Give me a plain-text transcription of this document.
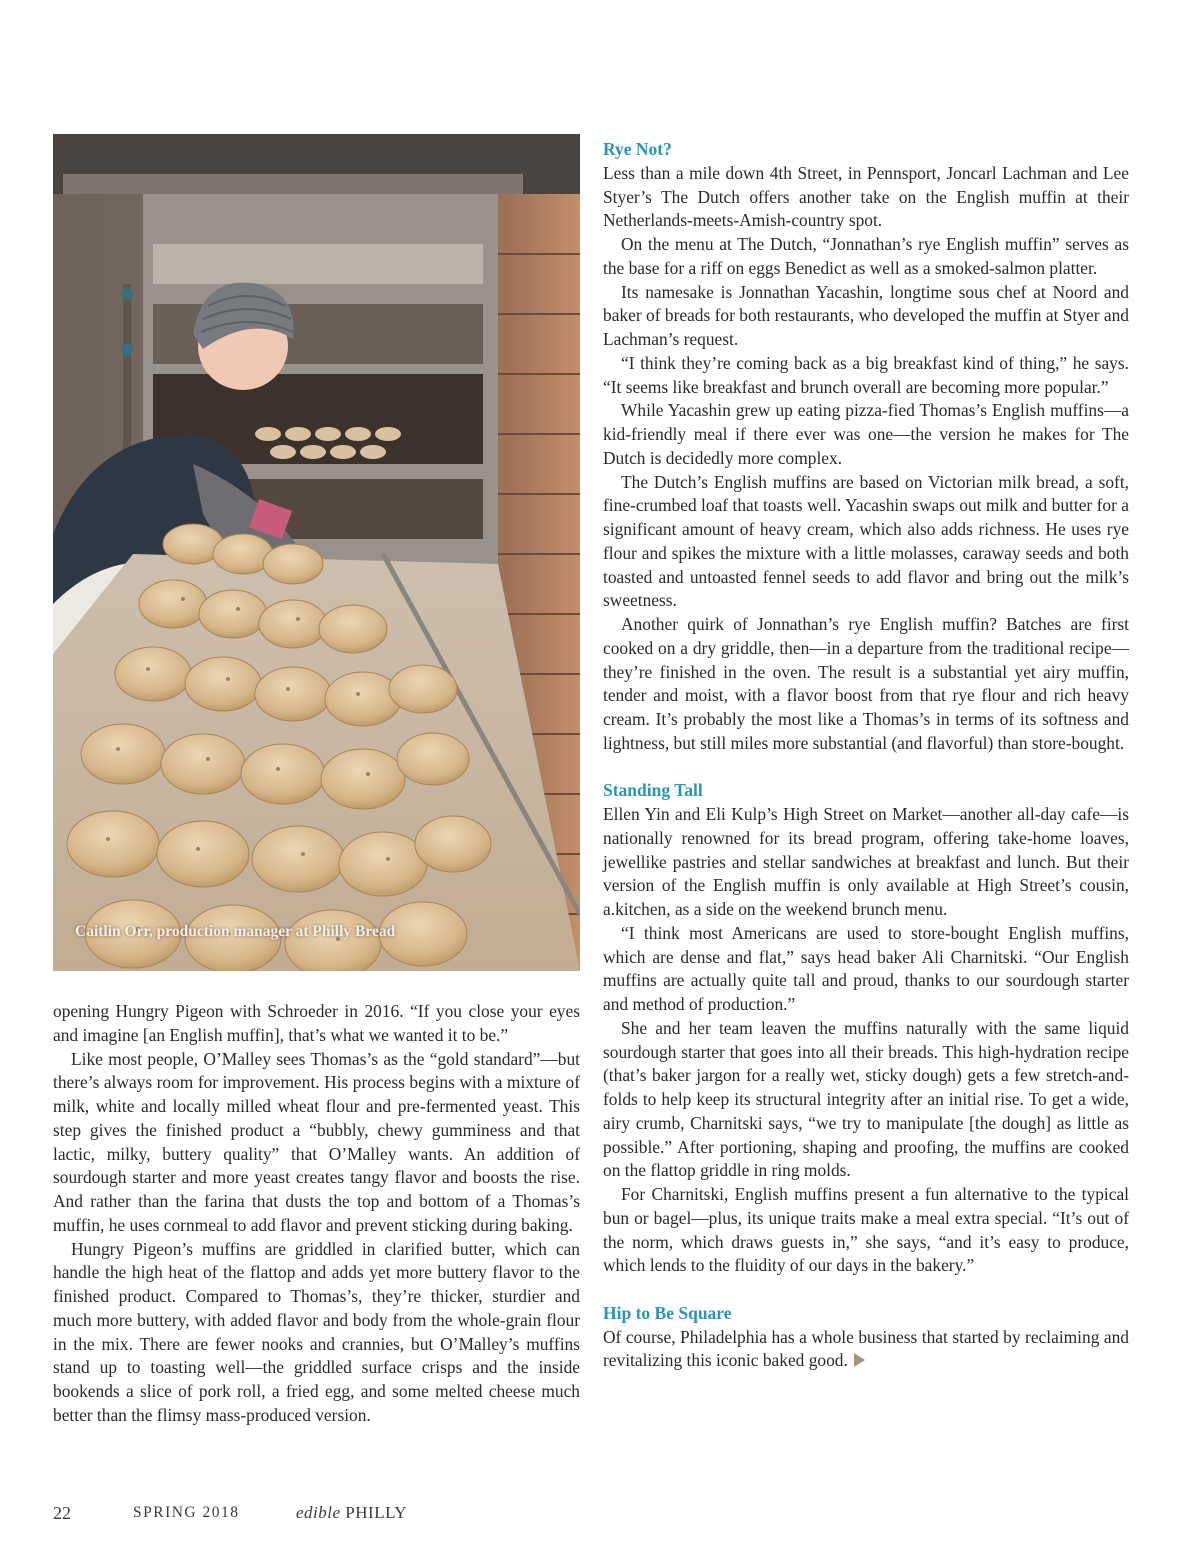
Caitlin Orr, production manager at Philly Bread

opening Hungry Pigeon with Schroeder in 2016. “If you close your eyes and imagine [an English muffin], that’s what we wanted it to be.”

Like most people, O’Malley sees Thomas’s as the “gold standard”—but there’s always room for improvement. His process begins with a mixture of milk, white and locally milled wheat flour and pre-fermented yeast. This step gives the finished product a “bubbly, chewy gumminess and that lactic, milky, buttery quality” that O’Malley wants. An addition of sourdough starter and more yeast creates tangy flavor and boosts the rise. And rather than the farina that dusts the top and bottom of a Thomas’s muffin, he uses cornmeal to add flavor and prevent sticking during baking.

Hungry Pigeon’s muffins are griddled in clarified butter, which can handle the high heat of the flattop and adds yet more buttery flavor to the finished product. Compared to Thomas’s, they’re thicker, sturdier and much more buttery, with added flavor and body from the whole-grain flour in the mix. There are fewer nooks and crannies, but O’Malley’s muffins stand up to toasting well—the griddled surface crisps and the inside bookends a slice of pork roll, a fried egg, and some melted cheese much better than the flimsy mass-produced version.

Rye Not?

Less than a mile down 4th Street, in Pennsport, Joncarl Lachman and Lee Styer’s The Dutch offers another take on the English muffin at their Netherlands-meets-Amish-country spot.

On the menu at The Dutch, “Jonnathan’s rye English muffin” serves as the base for a riff on eggs Benedict as well as a smoked-salmon platter.

Its namesake is Jonnathan Yacashin, longtime sous chef at Noord and baker of breads for both restaurants, who developed the muffin at Styer and Lachman’s request.

“I think they’re coming back as a big breakfast kind of thing,” he says. “It seems like breakfast and brunch overall are becoming more popular.”

While Yacashin grew up eating pizza-fied Thomas’s English muffins—a kid-friendly meal if there ever was one—the version he makes for The Dutch is decidedly more complex.

The Dutch’s English muffins are based on Victorian milk bread, a soft, fine-crumbed loaf that toasts well. Yacashin swaps out milk and butter for a significant amount of heavy cream, which also adds richness. He uses rye flour and spikes the mixture with a little molasses, caraway seeds and both toasted and untoasted fennel seeds to add flavor and bring out the milk’s sweetness.

Another quirk of Jonnathan’s rye English muffin? Batches are first cooked on a dry griddle, then—in a departure from the traditional recipe—they’re finished in the oven. The result is a substantial yet airy muffin, tender and moist, with a flavor boost from that rye flour and rich heavy cream. It’s probably the most like a Thomas’s in terms of its softness and lightness, but still miles more substantial (and flavorful) than store-bought.

Standing Tall

Ellen Yin and Eli Kulp’s High Street on Market—another all-day cafe—is nationally renowned for its bread program, offering take-home loaves, jewellike pastries and stellar sandwiches at breakfast and lunch. But their version of the English muffin is only available at High Street’s cousin, a.kitchen, as a side on the weekend brunch menu.

“I think most Americans are used to store-bought English muffins, which are dense and flat,” says head baker Ali Charnitski. “Our English muffins are actually quite tall and proud, thanks to our sourdough starter and method of production.”

She and her team leaven the muffins naturally with the same liquid sourdough starter that goes into all their breads. This high-hydration recipe (that’s baker jargon for a really wet, sticky dough) gets a few stretch-and-folds to help keep its structural integrity after an initial rise. To get a wide, airy crumb, Charnitski says, “we try to manipulate [the dough] as little as possible.” After portioning, shaping and proofing, the muffins are cooked on the flattop griddle in ring molds.

For Charnitski, English muffins present a fun alternative to the typical bun or bagel—plus, its unique traits make a meal extra special. “It’s out of the norm, which draws guests in,” she says, “and it’s easy to produce, which lends to the fluidity of our days in the bakery.”

Hip to Be Square

Of course, Philadelphia has a whole business that started by reclaiming and revitalizing this iconic baked good.

22	SPRING 2018	edible PHILLY
